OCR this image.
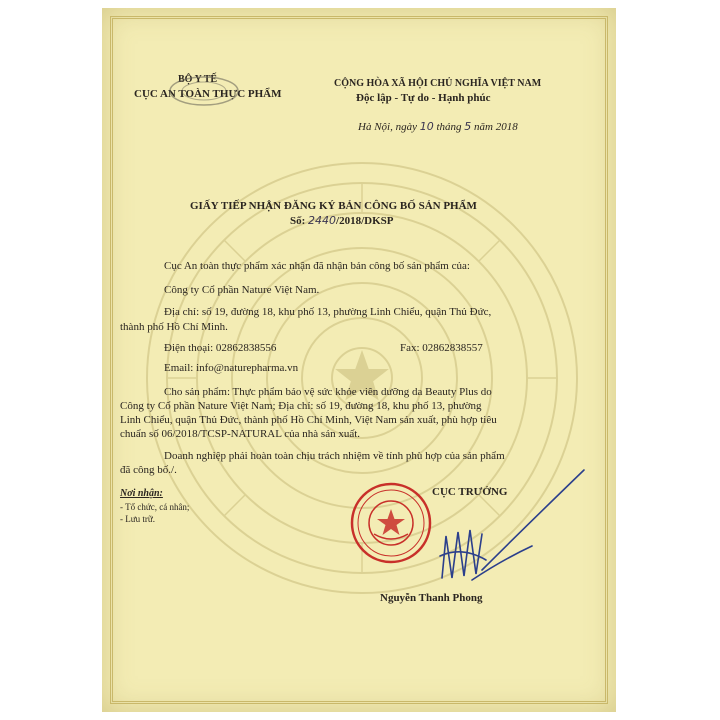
BỘ Y TẾ
CỤC AN TOÀN THỰC PHẨM
CỘNG HÒA XÃ HỘI CHỦ NGHĨA VIỆT NAM
Độc lập - Tự do - Hạnh phúc
Hà Nội, ngày 10 tháng 5 năm 2018
GIẤY TIẾP NHẬN ĐĂNG KÝ BẢN CÔNG BỐ SẢN PHẨM
Số: 2440/2018/DKSP
Cục An toàn thực phẩm xác nhận đã nhận bản công bố sản phẩm của:
Công ty Cổ phần Nature Việt Nam.
Địa chỉ: số 19, đường 18, khu phố 13, phường Linh Chiểu, quận Thủ Đức,
thành phố Hồ Chí Minh.
Điện thoại: 02862838556	Fax: 02862838557
Email: info@naturepharma.vn
Cho sản phẩm: Thực phẩm bảo vệ sức khỏe viên dưỡng da Beauty Plus do
Công ty Cổ phần Nature Việt Nam; Địa chỉ: số 19, đường 18, khu phố 13, phường
Linh Chiểu, quận Thủ Đức, thành phố Hồ Chí Minh, Việt Nam sản xuất, phù hợp tiêu
chuẩn số 06/2018/TCSP-NATURAL của nhà sản xuất.
Doanh nghiệp phải hoàn toàn chịu trách nhiệm về tính phù hợp của sản phẩm
đã công bố./.
Nơi nhận:
- Tổ chức, cá nhân;
- Lưu trữ.
CỤC TRƯỞNG
Nguyễn Thanh Phong
